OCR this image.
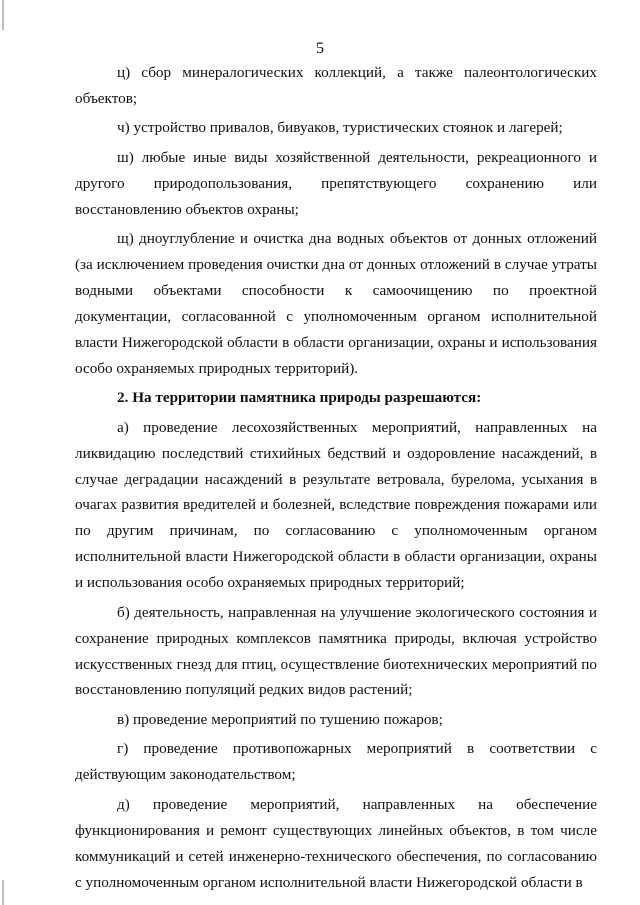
5

ц) сбор минералогических коллекций, а также палеонтологических объектов;

ч) устройство привалов, бивуаков, туристических стоянок и лагерей;

ш) любые иные виды хозяйственной деятельности, рекреационного и другого природопользования, препятствующего сохранению или восстановлению объектов охраны;

щ) дноуглубление и очистка дна водных объектов от донных отложений (за исключением проведения очистки дна от донных отложений в случае утраты водными объектами способности к самоочищению по проектной документации, согласованной с уполномоченным органом исполнительной власти Нижегородской области в области организации, охраны и использования особо охраняемых природных территорий).

2. На территории памятника природы разрешаются:

а) проведение лесохозяйственных мероприятий, направленных на ликвидацию последствий стихийных бедствий и оздоровление насаждений, в случае деградации насаждений в результате ветровала, бурелома, усыхания в очагах развития вредителей и болезней, вследствие повреждения пожарами или по другим причинам, по согласованию с уполномоченным органом исполнительной власти Нижегородской области в области организации, охраны и использования особо охраняемых природных территорий;

б) деятельность, направленная на улучшение экологического состояния и сохранение природных комплексов памятника природы, включая устройство искусственных гнезд для птиц, осуществление биотехнических мероприятий по восстановлению популяций редких видов растений;

в) проведение мероприятий по тушению пожаров;

г) проведение противопожарных мероприятий в соответствии с действующим законодательством;

д) проведение мероприятий, направленных на обеспечение функционирования и ремонт существующих линейных объектов, в том числе коммуникаций и сетей инженерно-технического обеспечения, по согласованию с уполномоченным органом исполнительной власти Нижегородской области в
